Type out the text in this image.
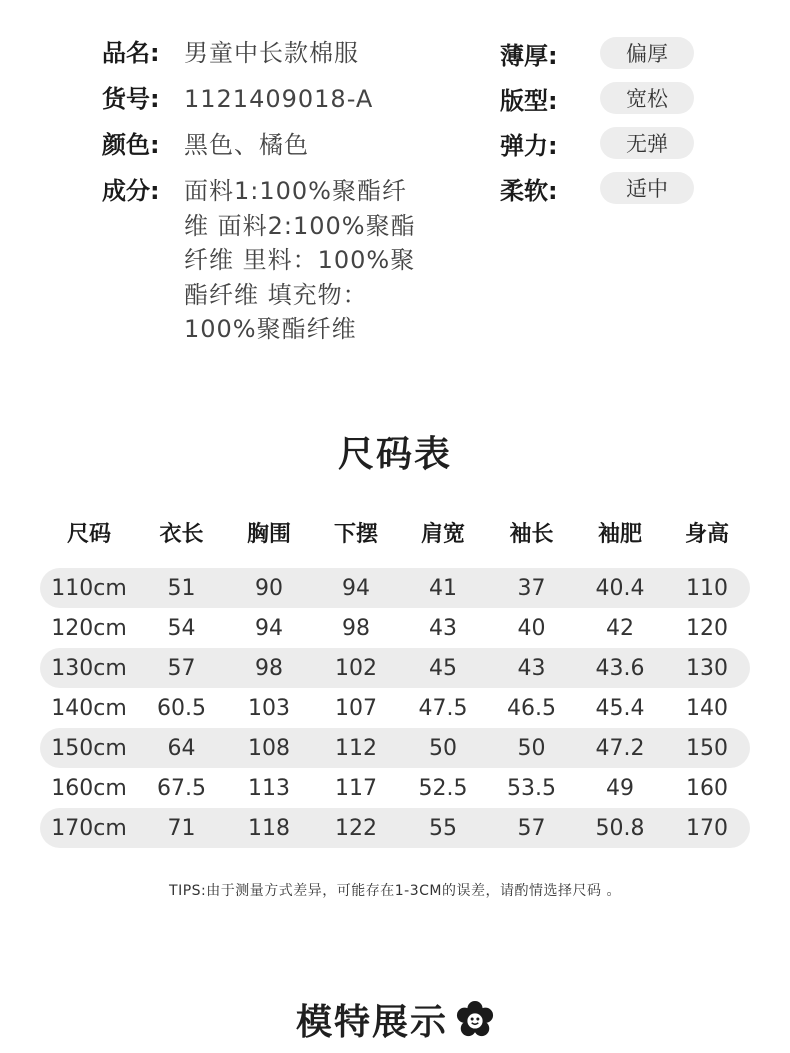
品名:	男童中长款棉服
货号:	1121409018-A
颜色:	黑色、橘色
成分:	面料1:100%聚酯纤维 面料2:100%聚酯纤维 里料：100%聚酯纤维 填充物：100%聚酯纤维
薄厚:	偏厚
版型:	宽松
弹力:	无弹
柔软:	适中
尺码表
尺码	衣长	胸围	下摆	肩宽	袖长	袖肥	身高
110cm	51	90	94	41	37	40.4	110
120cm	54	94	98	43	40	42	120
130cm	57	98	102	45	43	43.6	130
140cm	60.5	103	107	47.5	46.5	45.4	140
150cm	64	108	112	50	50	47.2	150
160cm	67.5	113	117	52.5	53.5	49	160
170cm	71	118	122	55	57	50.8	170
TIPS:由于测量方式差异，可能存在1-3CM的误差，请酌情选择尺码 。
模特展示
